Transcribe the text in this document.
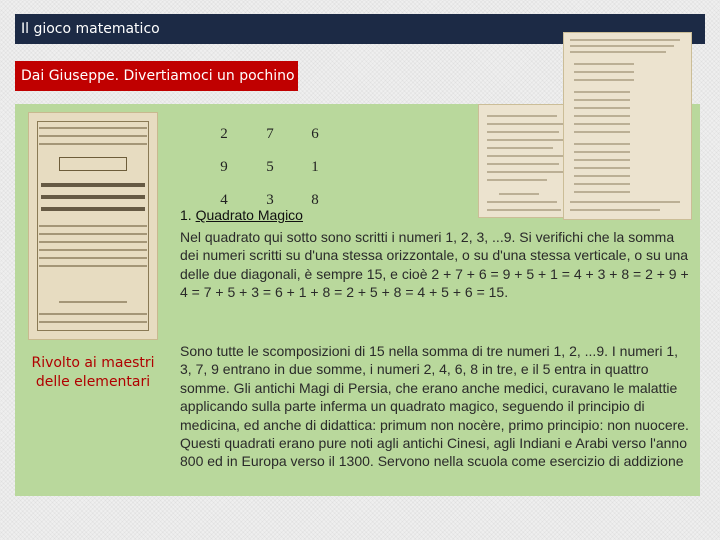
Il gioco matematico
Dai Giuseppe. Divertiamoci un pochino
Rivolto ai maestri delle elementari
2	7	6
9	5	1
4	3	8
1. Quadrato Magico
Nel quadrato qui sotto sono scritti i numeri 1, 2, 3, ...9. Si verifichi che la somma dei numeri scritti su d'una stessa orizzontale, o su d'una stessa verticale, o su una delle due diagonali, è sempre 15, e cioè 2 + 7 + 6 = 9 + 5 + 1 = 4 + 3 + 8 = 2 + 9 + 4 = 7 + 5 + 3 = 6 + 1 + 8 = 2 + 5 + 8 = 4 + 5 + 6 = 15.
Sono tutte le scomposizioni di 15 nella somma di tre numeri 1, 2, ...9. I numeri 1, 3, 7, 9 entrano in due somme, i numeri 2, 4, 6, 8 in tre, e il 5 entra in quattro somme. Gli antichi Magi di Persia, che erano anche medici, curavano le malattie applicando sulla parte inferma un quadrato magico, seguendo il principio di medicina, ed anche di didattica: primum non nocère, primo principio: non nuocere. Questi quadrati erano pure noti agli antichi Cinesi, agli Indiani e Arabi verso l'anno 800 ed in Europa verso il 1300. Servono nella scuola come esercizio di addizione
